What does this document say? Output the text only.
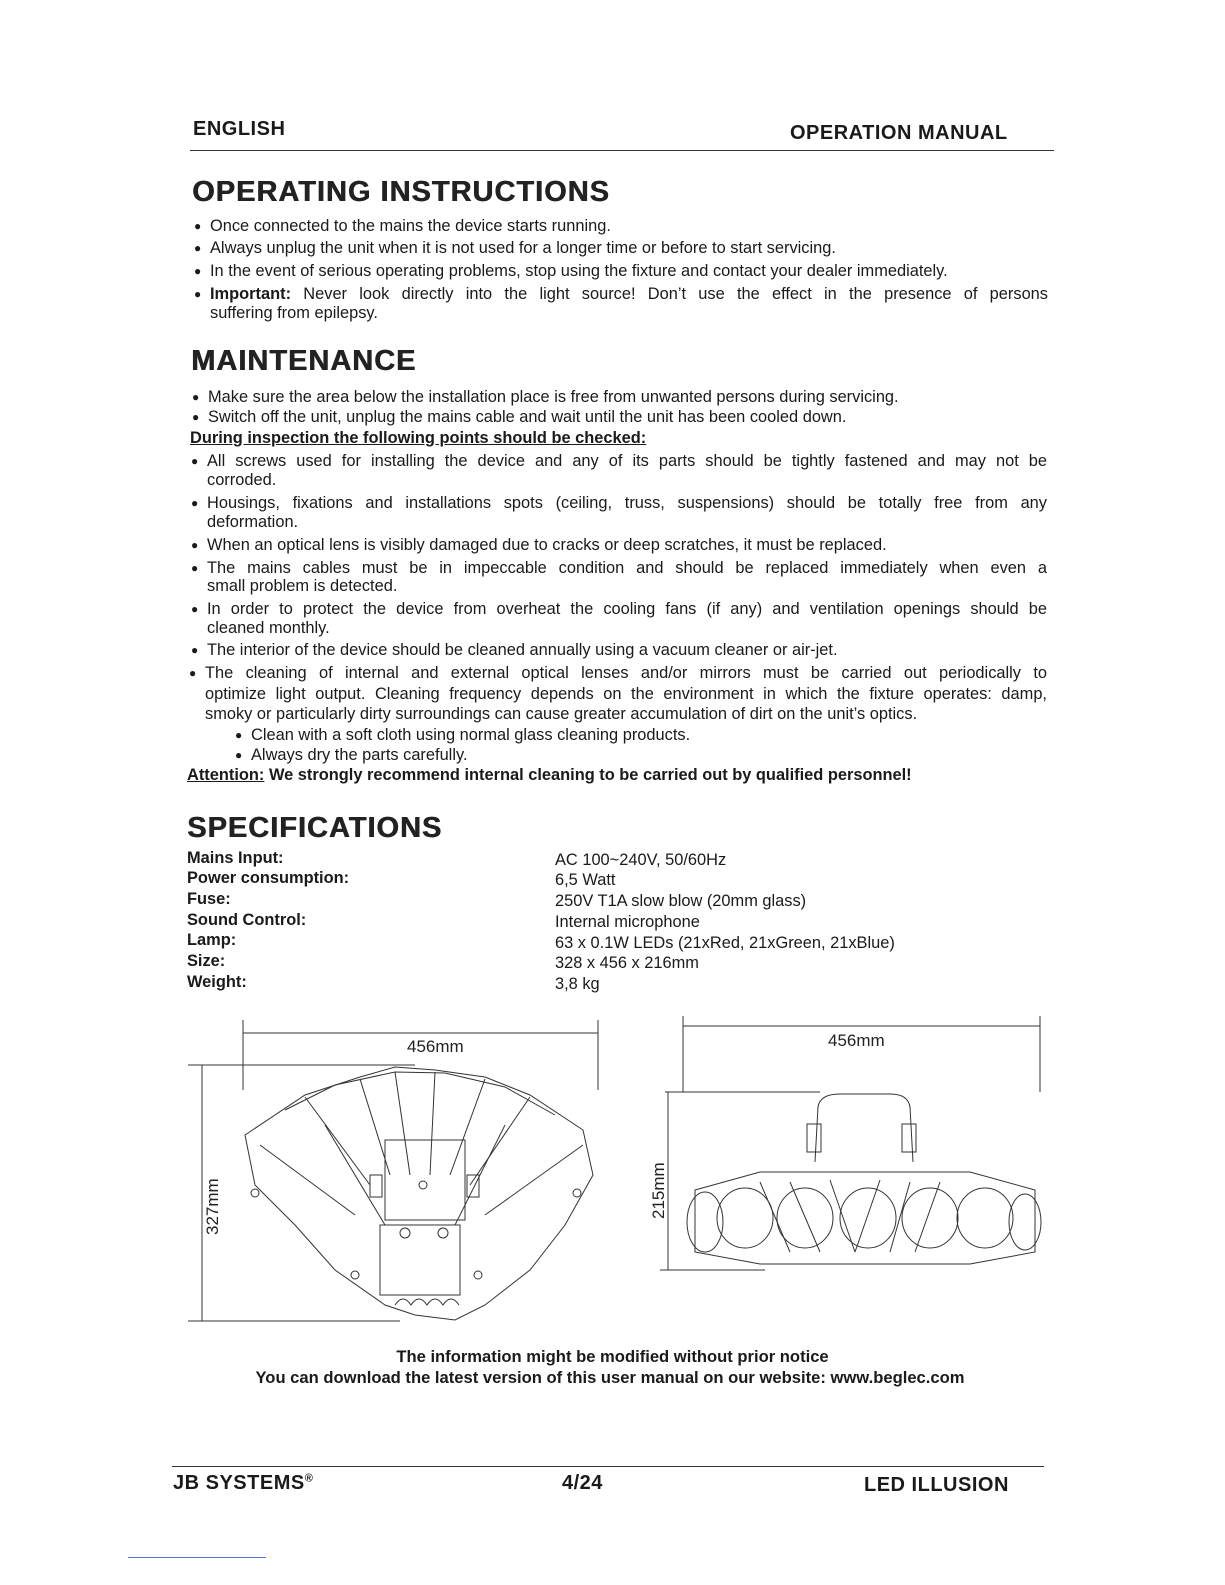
ENGLISH	OPERATION MANUAL
OPERATING INSTRUCTIONS
● Once connected to the mains the device starts running.
● Always unplug the unit when it is not used for a longer time or before to start servicing.
● In the event of serious operating problems, stop using the fixture and contact your dealer immediately.
● Important: Never look directly into the light source! Don’t use the effect in the presence of persons
suffering from epilepsy.
MAINTENANCE
● Make sure the area below the installation place is free from unwanted persons during servicing.
● Switch off the unit, unplug the mains cable and wait until the unit has been cooled down.
During inspection the following points should be checked:
● All screws used for installing the device and any of its parts should be tightly fastened and may not be
corroded.
● Housings, fixations and installations spots (ceiling, truss, suspensions) should be totally free from any
deformation.
● When an optical lens is visibly damaged due to cracks or deep scratches, it must be replaced.
● The mains cables must be in impeccable condition and should be replaced immediately when even a
small problem is detected.
● In order to protect the device from overheat the cooling fans (if any) and ventilation openings should be
cleaned monthly.
● The interior of the device should be cleaned annually using a vacuum cleaner or air-jet.
● The cleaning of internal and external optical lenses and/or mirrors must be carried out periodically to
optimize light output. Cleaning frequency depends on the environment in which the fixture operates: damp,
smoky or particularly dirty surroundings can cause greater accumulation of dirt on the unit’s optics.
● Clean with a soft cloth using normal glass cleaning products.
● Always dry the parts carefully.
Attention: We strongly recommend internal cleaning to be carried out by qualified personnel!
SPECIFICATIONS
Mains Input:	AC 100~240V, 50/60Hz
Power consumption:	6,5 Watt
Fuse:	250V T1A slow blow (20mm glass)
Sound Control:	Internal microphone
Lamp:	63 x 0.1W LEDs (21xRed, 21xGreen, 21xBlue)
Size:	328 x 456 x 216mm
Weight:	3,8 kg
456mm
327mm
456mm
215mm
The information might be modified without prior notice
You can download the latest version of this user manual on our website: www.beglec.com
JB SYSTEMS®	4/24	LED ILLUSION
